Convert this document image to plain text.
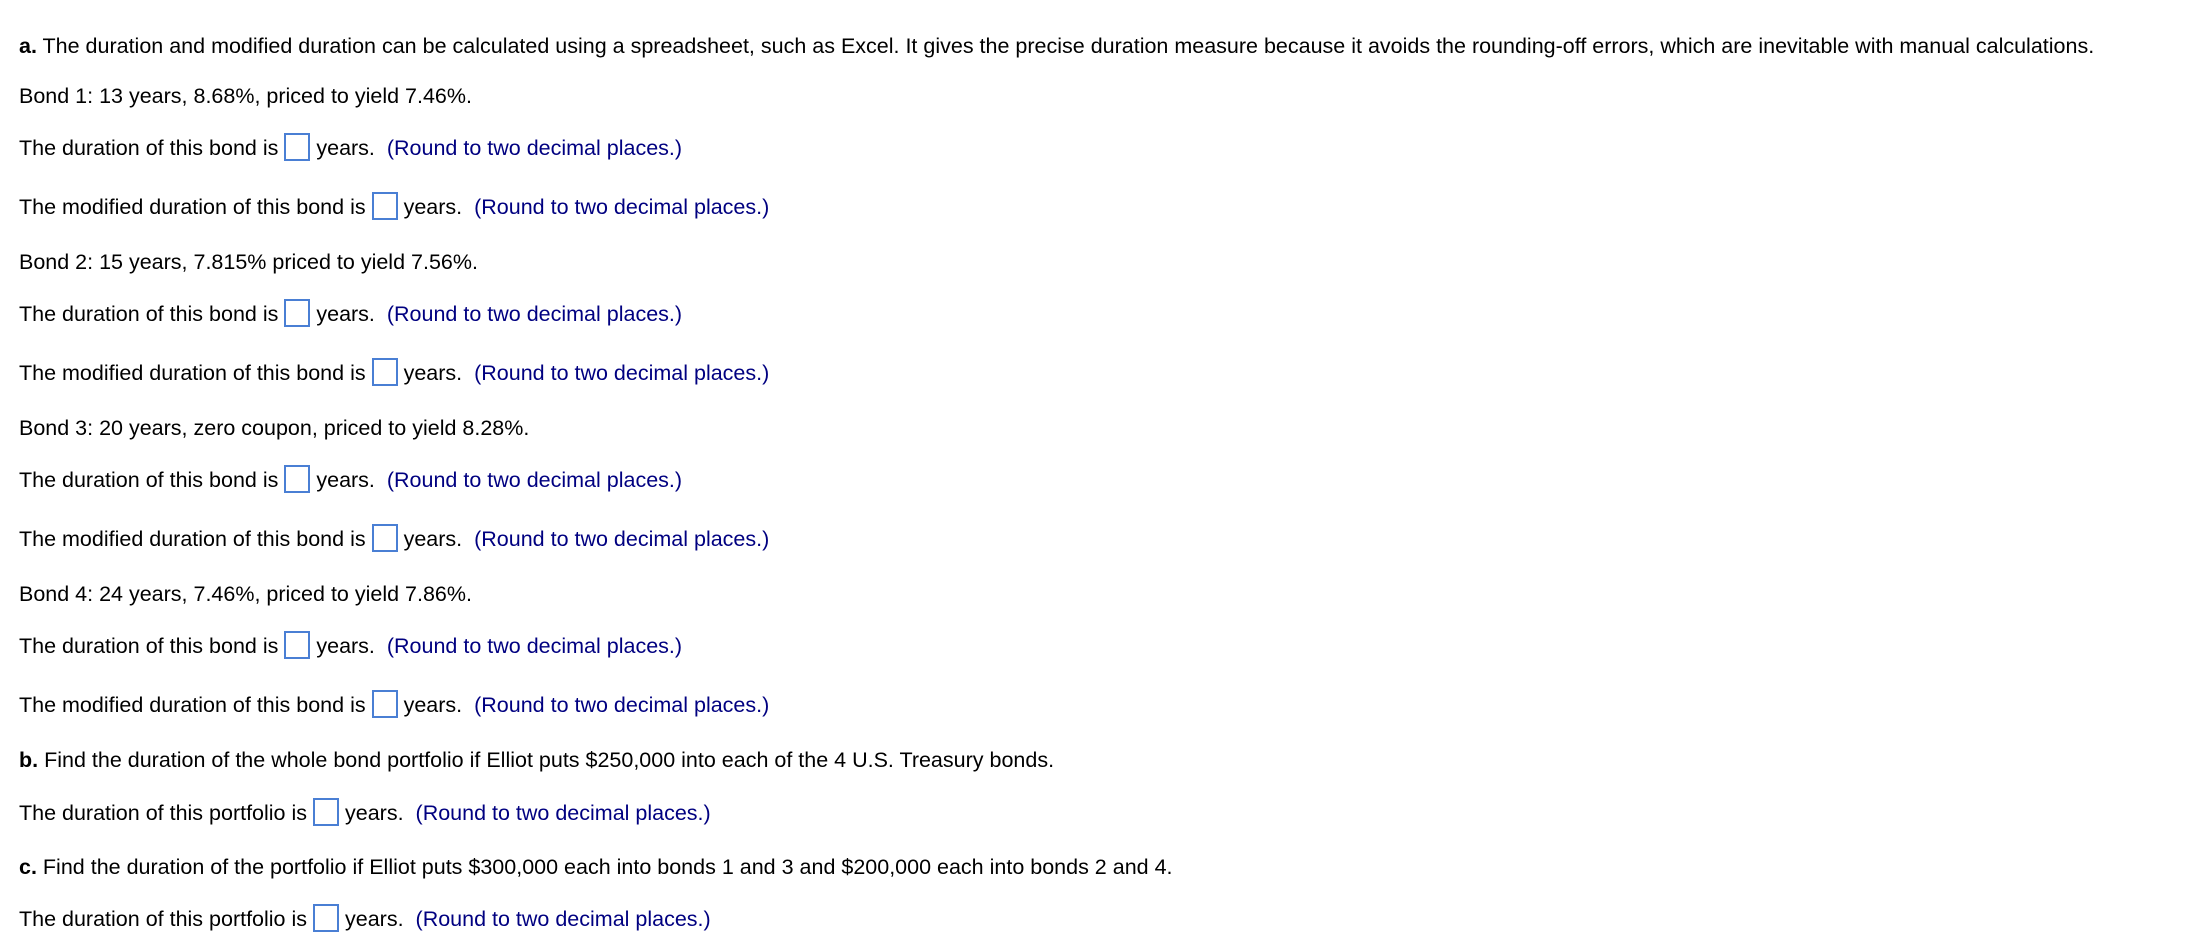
a. The duration and modified duration can be calculated using a spreadsheet, such as Excel. It gives the precise duration measure because it avoids the rounding-off errors, which are inevitable with manual calculations.
Bond 1: 13 years, 8.68%, priced to yield 7.46%.
The duration of this bond is years. (Round to two decimal places.)
The modified duration of this bond is years. (Round to two decimal places.)
Bond 2: 15 years, 7.815% priced to yield 7.56%.
The duration of this bond is years. (Round to two decimal places.)
The modified duration of this bond is years. (Round to two decimal places.)
Bond 3: 20 years, zero coupon, priced to yield 8.28%.
The duration of this bond is years. (Round to two decimal places.)
The modified duration of this bond is years. (Round to two decimal places.)
Bond 4: 24 years, 7.46%, priced to yield 7.86%.
The duration of this bond is years. (Round to two decimal places.)
The modified duration of this bond is years. (Round to two decimal places.)
b. Find the duration of the whole bond portfolio if Elliot puts $250,000 into each of the 4 U.S. Treasury bonds.
The duration of this portfolio is years. (Round to two decimal places.)
c. Find the duration of the portfolio if Elliot puts $300,000 each into bonds 1 and 3 and $200,000 each into bonds 2 and 4.
The duration of this portfolio is years. (Round to two decimal places.)
